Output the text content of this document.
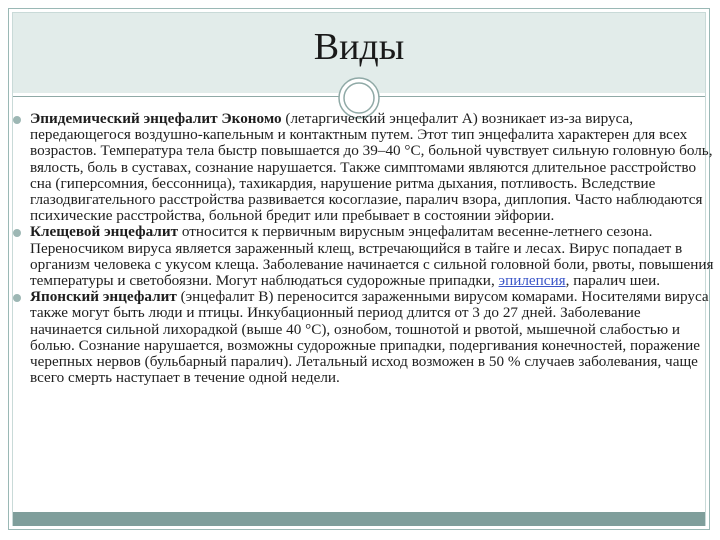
Виды

Эпидемический энцефалит Экономо (летаргический энцефалит А) возникает из-за вируса, передающегося воздушно-капельным и контактным путем. Этот тип энцефалита характерен для всех возрастов. Температура тела быстр повышается до 39–40 °С, больной чувствует сильную головную боль, вялость, боль в суставах, сознание нарушается. Также симптомами являются длительное расстройство сна (гиперсомния, бессонница), тахикардия, нарушение ритма дыхания, потливость. Вследствие глазодвигательного расстройства развивается косоглазие, паралич взора, диплопия. Часто наблюдаются психические расстройства, больной бредит или пребывает в состоянии эйфории.

Клещевой энцефалит относится к первичным вирусным энцефалитам весенне-летнего сезона. Переносчиком вируса является зараженный клещ, встречающийся в тайге и лесах. Вирус попадает в организм человека с укусом клеща. Заболевание начинается с сильной головной боли, рвоты, повышения температуры и светобоязни. Могут наблюдаться судорожные припадки, эпилепсия, паралич шеи.

Японский энцефалит (энцефалит В) переносится зараженными вирусом комарами. Носителями вируса также могут быть люди и птицы. Инкубационный период длится от 3 до 27 дней. Заболевание начинается сильной лихорадкой (выше 40 °С), ознобом, тошнотой и рвотой, мышечной слабостью и болью. Сознание нарушается, возможны судорожные припадки, подергивания конечностей, поражение черепных нервов (бульбарный паралич). Летальный исход возможен в 50 % случаев заболевания, чаще всего смерть наступает в течение одной недели.
